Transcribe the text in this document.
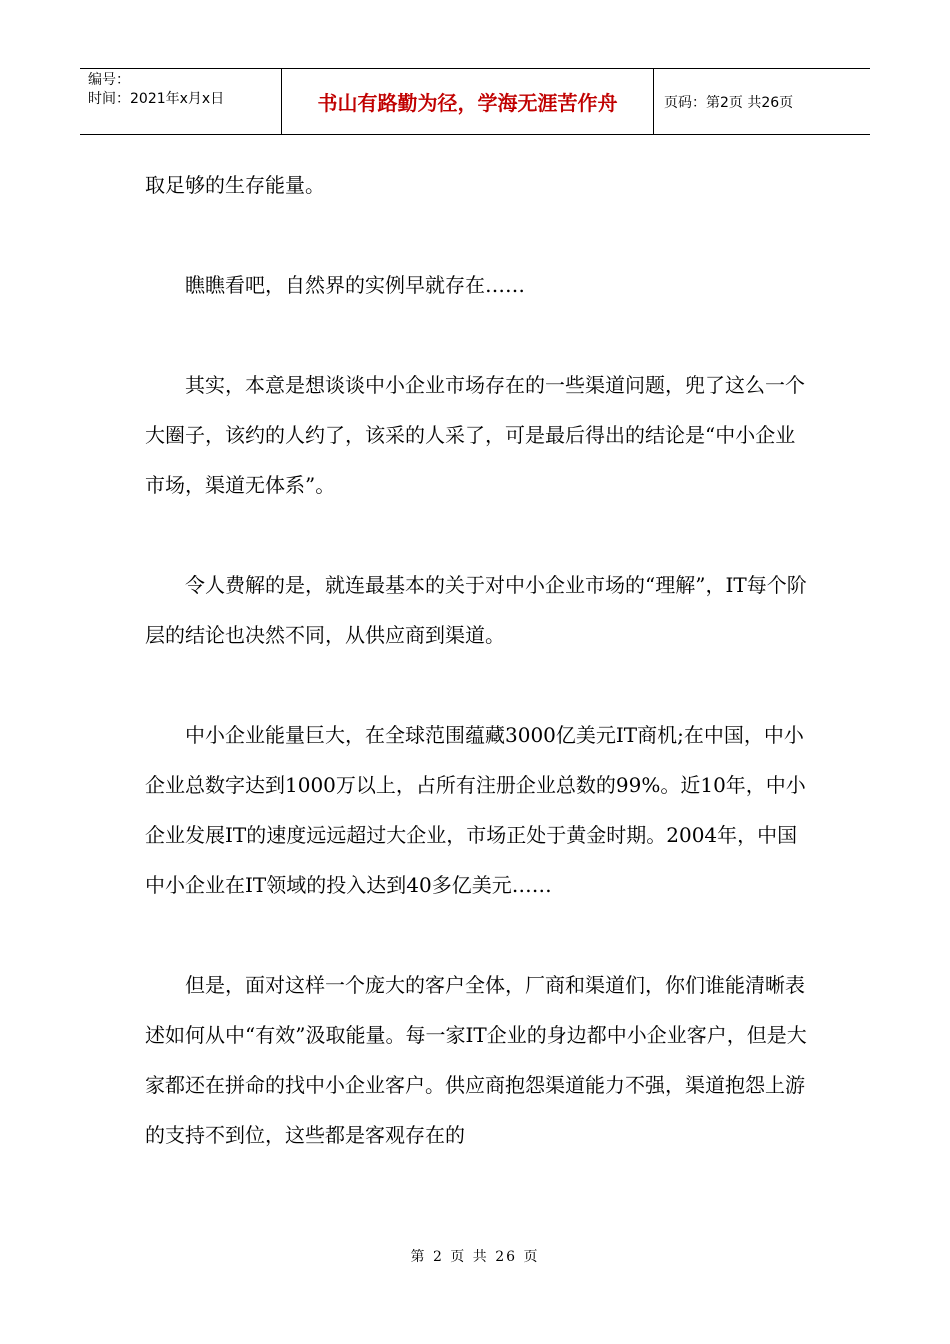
编号：
时间：2021年x月x日	书山有路勤为径，学海无涯苦作舟	页码：第2页 共26页

取足够的生存能量。

瞧瞧看吧，自然界的实例早就存在……

其实，本意是想谈谈中小企业市场存在的一些渠道问题，兜了这么一个大圈子，该约的人约了，该采的人采了，可是最后得出的结论是“中小企业市场，渠道无体系”。

令人费解的是，就连最基本的关于对中小企业市场的“理解”，IT每个阶层的结论也决然不同，从供应商到渠道。

中小企业能量巨大，在全球范围蕴藏3000亿美元IT商机;在中国，中小企业总数字达到1000万以上，占所有注册企业总数的99%。近10年，中小企业发展IT的速度远远超过大企业，市场正处于黄金时期。2004年，中国中小企业在IT领域的投入达到40多亿美元……

但是，面对这样一个庞大的客户全体，厂商和渠道们，你们谁能清晰表述如何从中“有效”汲取能量。每一家IT企业的身边都中小企业客户，但是大家都还在拼命的找中小企业客户。供应商抱怨渠道能力不强，渠道抱怨上游的支持不到位，这些都是客观存在的

第 2 页 共 26 页
